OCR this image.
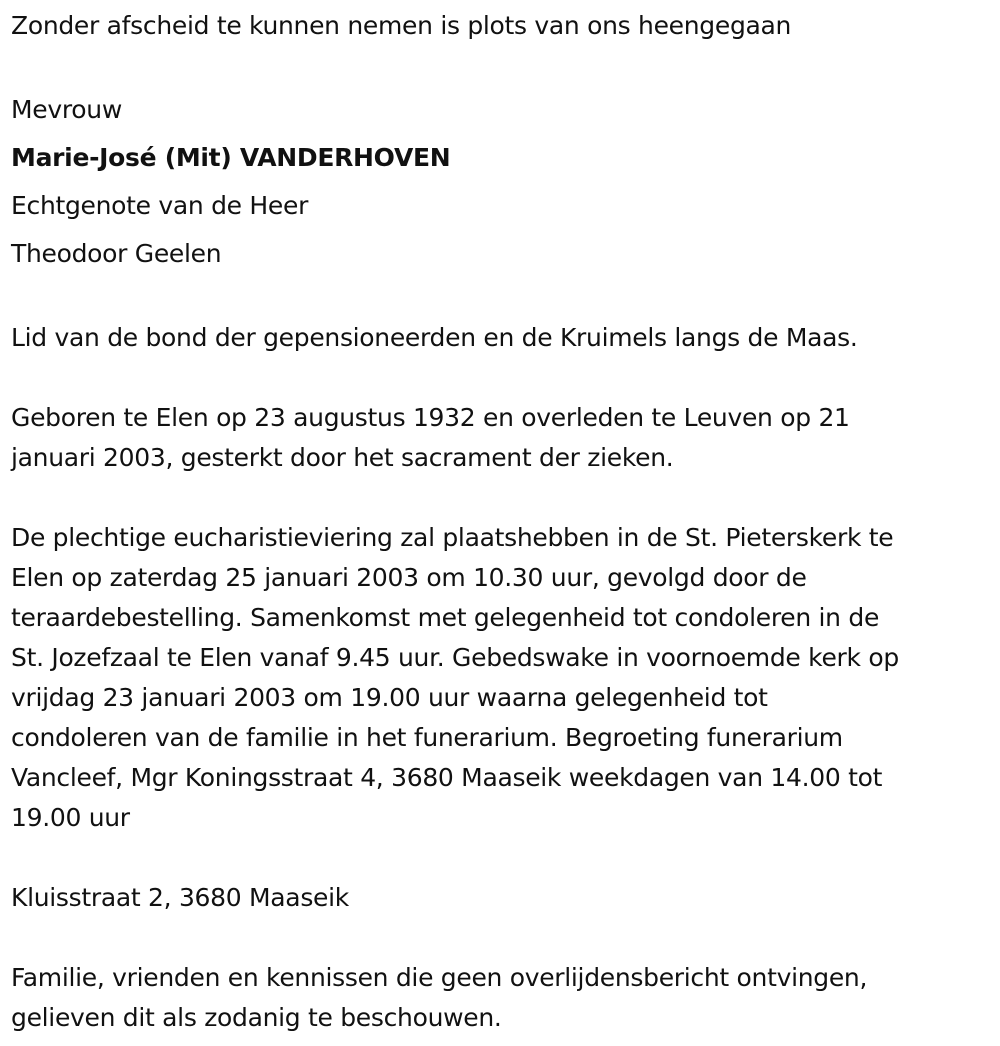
Zonder afscheid te kunnen nemen is plots van ons heengegaan
Mevrouw
Marie-José (Mit) VANDERHOVEN
Echtgenote van de Heer
Theodoor Geelen
Lid van de bond der gepensioneerden en de Kruimels langs de Maas.
Geboren te Elen op 23 augustus 1932 en overleden te Leuven op 21
januari 2003, gesterkt door het sacrament der zieken.
De plechtige eucharistieviering zal plaatshebben in de St. Pieterskerk te
Elen op zaterdag 25 januari 2003 om 10.30 uur, gevolgd door de
teraardebestelling. Samenkomst met gelegenheid tot condoleren in de
St. Jozefzaal te Elen vanaf 9.45 uur. Gebedswake in voornoemde kerk op
vrijdag 23 januari 2003 om 19.00 uur waarna gelegenheid tot
condoleren van de familie in het funerarium. Begroeting funerarium
Vancleef, Mgr Koningsstraat 4, 3680 Maaseik weekdagen van 14.00 tot
19.00 uur
Kluisstraat 2, 3680 Maaseik
Familie, vrienden en kennissen die geen overlijdensbericht ontvingen,
gelieven dit als zodanig te beschouwen.
